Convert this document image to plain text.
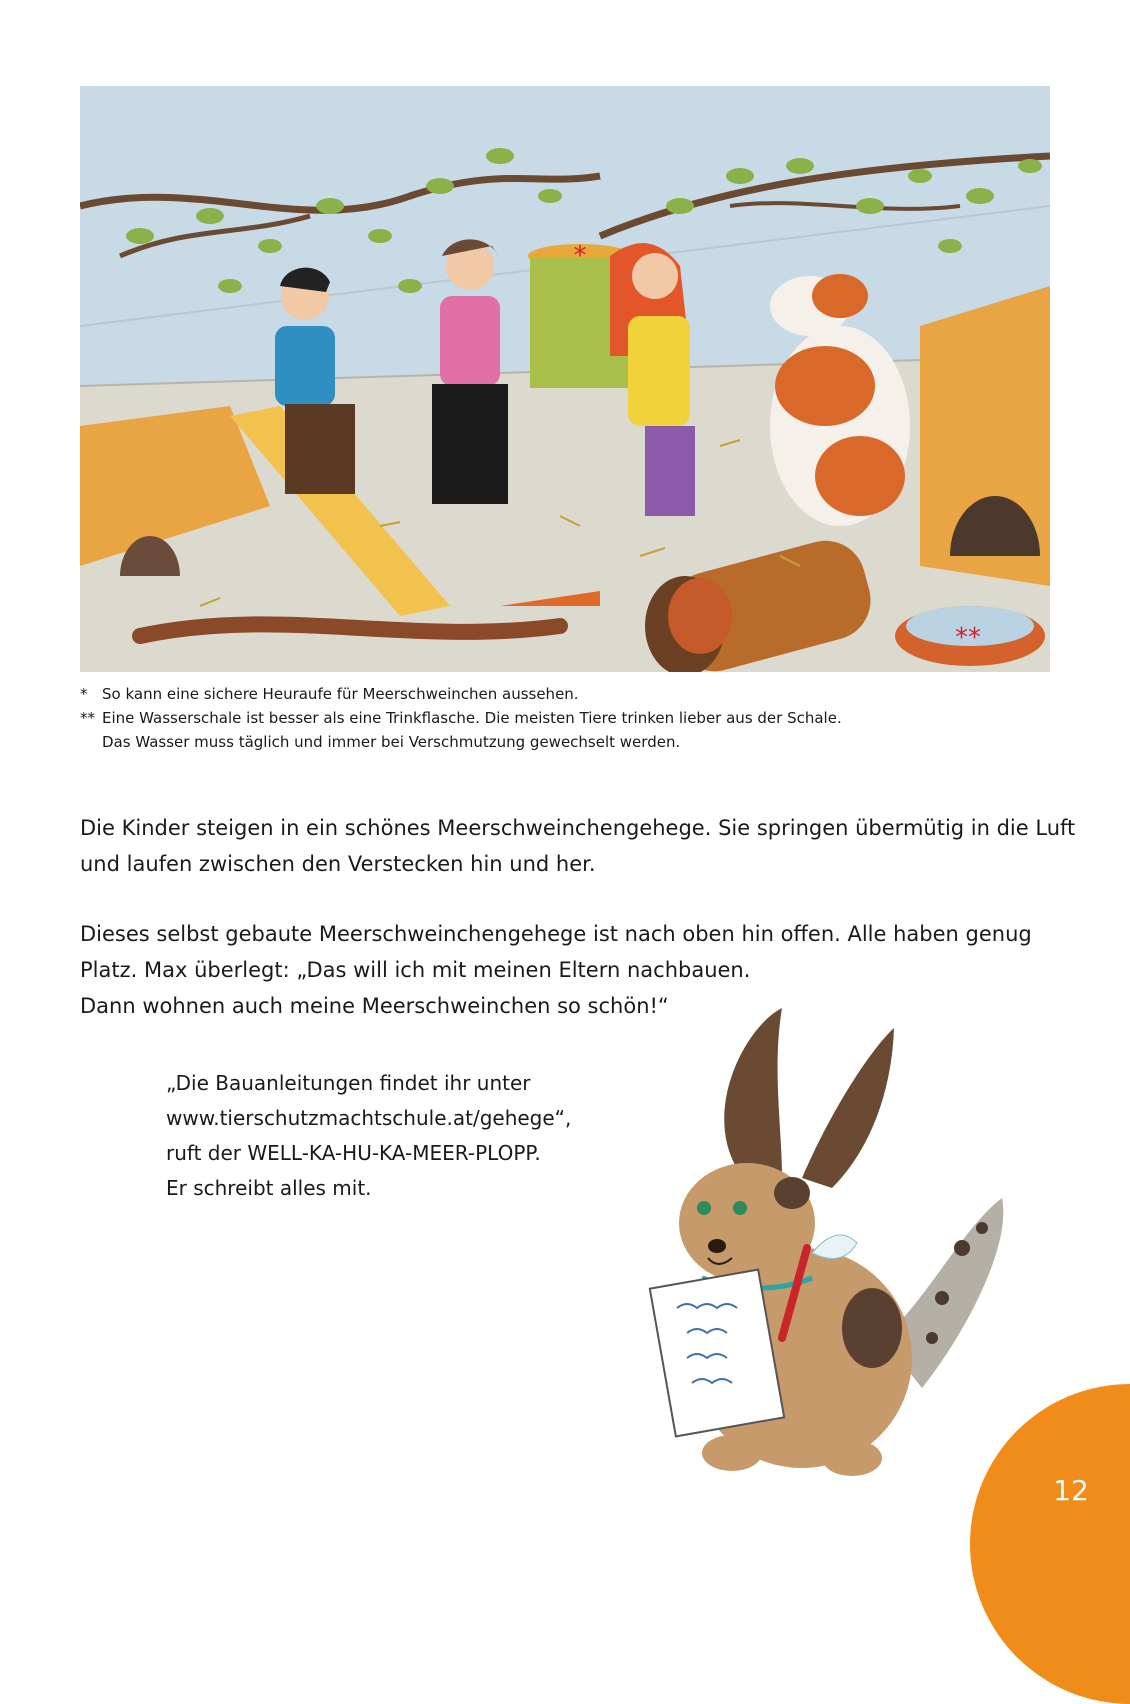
*
**
* So kann eine sichere Heuraufe für Meerschweinchen aussehen.
** Eine Wasserschale ist besser als eine Trinkflasche. Die meisten Tiere trinken lieber aus der Schale.
Das Wasser muss täglich und immer bei Verschmutzung gewechselt werden.

Die Kinder steigen in ein schönes Meerschweinchengehege. Sie springen übermütig in die Luft
und laufen zwischen den Verstecken hin und her.

Dieses selbst gebaute Meerschweinchengehege ist nach oben hin offen. Alle haben genug
Platz. Max überlegt: „Das will ich mit meinen Eltern nachbauen.
Dann wohnen auch meine Meerschweinchen so schön!“

„Die Bauanleitungen findet ihr unter
www.tierschutzmachtschule.at/gehege“,
ruft der WELL-KA-HU-KA-MEER-PLOPP.
Er schreibt alles mit.

12
